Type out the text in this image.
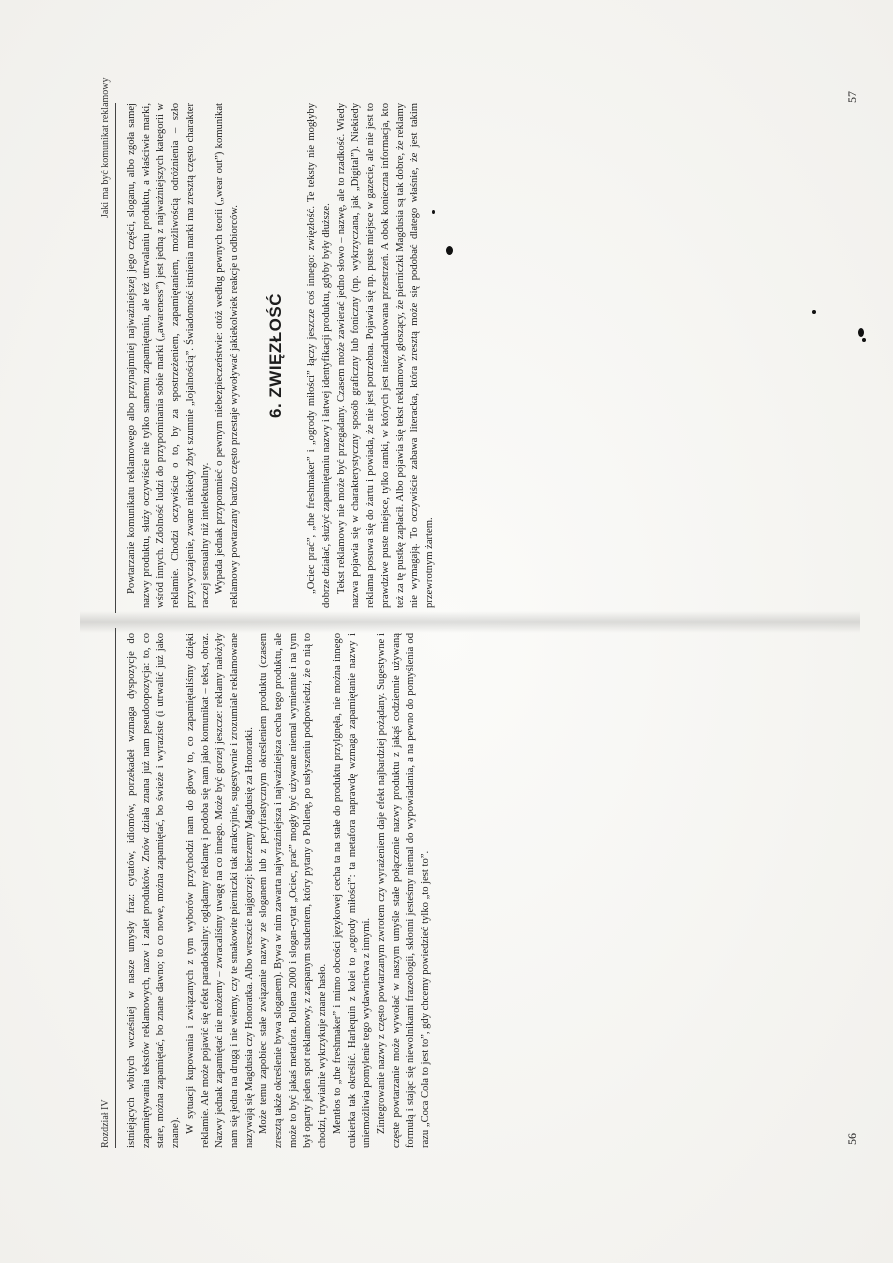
Rozdział IV
Jaki ma być komunikat reklamowy

istniejących wbitych wcześniej w nasze umysły fraz: cytatów, idiomów, porzekadeł wzmaga dyspozycje do zapamiętywania tekstów reklamowych, nazw i zalet produktów. Znów działa znana już nam pseudoopozycja: to, co stare, można zapamiętać, bo znane dawno; to co nowe, można zapamiętać, bo świeże i wyraziste (i utrwalić już jako znane). W sytuacji kupowania i związanych z tym wyborów przychodzi nam do głowy to, co zapamiętaliśmy dzięki reklamie. Ale może pojawić się efekt paradoksalny: oglądamy reklamę i podoba się nam jako komunikat – tekst, obraz. Nazwy jednak zapamiętać nie możemy – zwracaliśmy uwagę na co innego. Może być gorzej jeszcze: reklamy nałożyły nam się jedna na drugą i nie wiemy, czy te smakowite pierniczki tak atrakcyjnie, sugestywnie i zrozumiale reklamowane nazywają się Magdusia czy Honoratka. Albo wreszcie najgorzej: bierzemy Magdusię za Honoratki. Może temu zapobiec stałe związanie nazwy ze sloganem lub z peryfrastycznym określeniem produktu (czasem zresztą także określenie bywa sloganem). Bywa w nim zawarta najwyraźniejsza i najważniejsza cecha tego produktu, ale może to być jakaś metafora. Pollena 2000 i slogan-cytat „Ociec, prać” mogły być używane niemal wymiennie i na tym był oparty jeden spot reklamowy, z zaspanym studentem, który pytany o Pollenę, po usłyszeniu podpowiedzi, że o nią to chodzi, trywialnie wykrzykuje znane hasło. Mentłos to „the freshmaker” i mimo obcości językowej cecha ta na stałe do produktu przylgnęła, nie można innego cukierka tak określić. Harlequin z kolei to „ogrody miłości”: ta metafora naprawdę wzmaga zapamiętanie nazwy i uniemożliwia pomylenie tego wydawnictwa z innymi. Zintegrowanie nazwy z często powtarzanym zwrotem czy wyrażeniem daje efekt najbardziej pożądany. Sugestywne i częste powtarzanie może wywołać w naszym umyśle stałe połączenie nazwy produktu z jakąś codziennie używaną formułą i stając się niewolnikami frazeologii, skłonni jesteśmy niemal do wypowiadania, a na pewno do pomyślenia od razu „Coca Cola to jest to”, gdy chcemy powiedzieć tylko „to jest to”.

Powtarzanie komunikatu reklamowego albo przynajmniej najważniejszej jego części, sloganu, albo zgoła samej nazwy produktu, służy oczywiście nie tylko samemu zapamiętaniu, ale też utrwalaniu produktu, a właściwie marki, wśród innych. Zdolność ludzi do przypominania sobie marki („awareness”) jest jedną z najważniejszych kategorii w reklamie. Chodzi oczywiście o to, by za spostrzeżeniem, zapamiętaniem, możliwością odróżnienia – szło przywyczajenie, zwane niekiedy zbyt szumnie „lojalnością”. Świadomość istnienia marki ma zresztą często charakter raczej sensualny niż intelektualny. Wypada jednak przypomnieć o pewnym niebezpieczeństwie: otóż według pewnych teorii („wear out”) komunikat reklamowy powtarzany bardzo często przestaje wywoływać jakiekolwiek reakcje u odbiorców. 6. ZWIĘZŁOŚĆ „Ociec prać”, „the freshmaker” i „ogrody miłości” łączy jeszcze coś innego: zwięzłość. Te teksty nie mogłyby dobrze działać, służyć zapamiętaniu nazwy i łatwej identyfikacji produktu, gdyby były dłuższe. Tekst reklamowy nie może być przegadany. Czasem może zawierać jedno słowo – nazwę, ale to rzadkość. Wiedy nazwa pojawia się w charakterystyczny sposób graficzny lub foniczny (np. wykrzyczana, jak „Digital”). Niekiedy reklama posuwa się do żartu i powiada, że nie jest potrzebna. Pojawia się np. puste miejsce w gazecie, ale nie jest to prawdziwe puste miejsce, tylko ramki, w których jest niezadrukowana przestrzeń. A obok konieczna informacja, kto też za tę pustkę zapłacił. Albo pojawia się tekst reklamowy, głoszący, że pierniczki Magdusia są tak dobre, że reklamy nie wymagają. To oczywiście zabawa literacka, która zresztą może się podobać dlatego właśnie, że jest takim przewrotnym żartem.

56
57
